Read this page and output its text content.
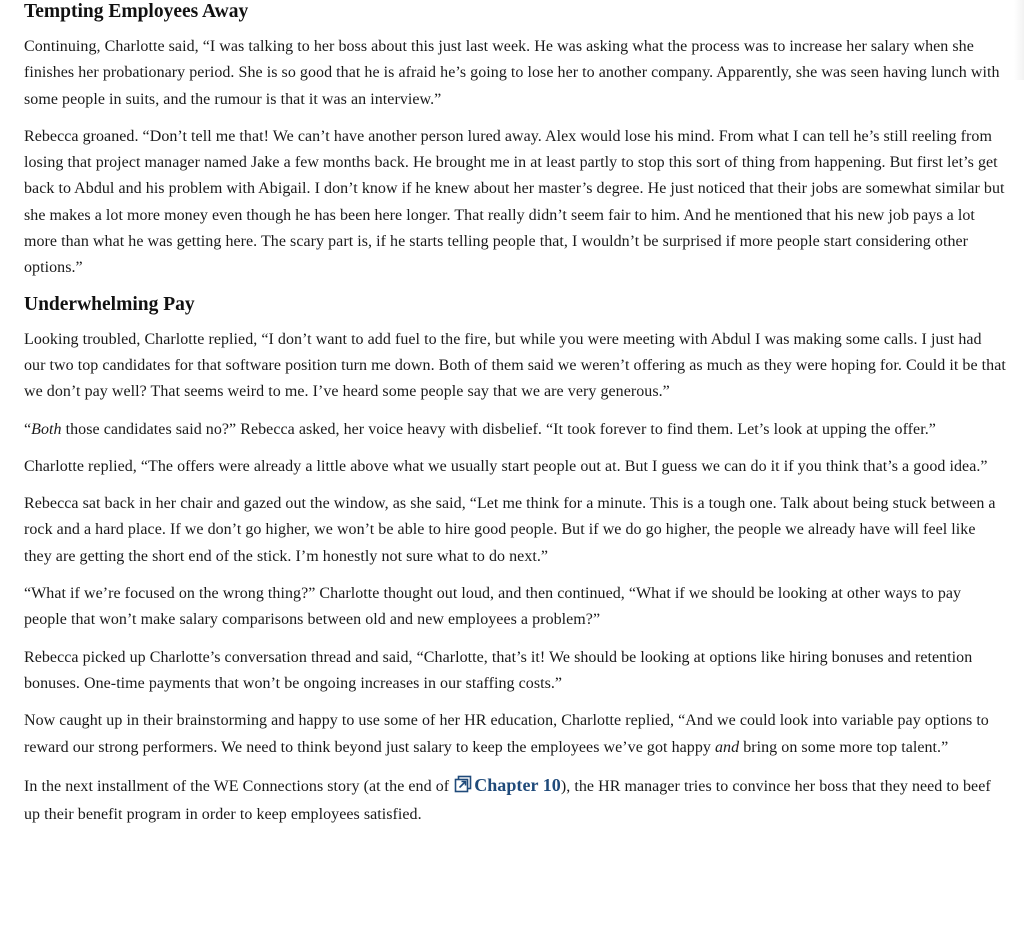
Tempting Employees Away

Continuing, Charlotte said, “I was talking to her boss about this just last week. He was asking what the process was to increase her salary when she finishes her probationary period. She is so good that he is afraid he’s going to lose her to another company. Apparently, she was seen having lunch with some people in suits, and the rumour is that it was an interview.”

Rebecca groaned. “Don’t tell me that! We can’t have another person lured away. Alex would lose his mind. From what I can tell he’s still reeling from losing that project manager named Jake a few months back. He brought me in at least partly to stop this sort of thing from happening. But first let’s get back to Abdul and his problem with Abigail. I don’t know if he knew about her master’s degree. He just noticed that their jobs are somewhat similar but she makes a lot more money even though he has been here longer. That really didn’t seem fair to him. And he mentioned that his new job pays a lot more than what he was getting here. The scary part is, if he starts telling people that, I wouldn’t be surprised if more people start considering other options.”

Underwhelming Pay

Looking troubled, Charlotte replied, “I don’t want to add fuel to the fire, but while you were meeting with Abdul I was making some calls. I just had our two top candidates for that software position turn me down. Both of them said we weren’t offering as much as they were hoping for. Could it be that we don’t pay well? That seems weird to me. I’ve heard some people say that we are very generous.”

“Both those candidates said no?” Rebecca asked, her voice heavy with disbelief. “It took forever to find them. Let’s look at upping the offer.”

Charlotte replied, “The offers were already a little above what we usually start people out at. But I guess we can do it if you think that’s a good idea.”

Rebecca sat back in her chair and gazed out the window, as she said, “Let me think for a minute. This is a tough one. Talk about being stuck between a rock and a hard place. If we don’t go higher, we won’t be able to hire good people. But if we do go higher, the people we already have will feel like they are getting the short end of the stick. I’m honestly not sure what to do next.”

“What if we’re focused on the wrong thing?” Charlotte thought out loud, and then continued, “What if we should be looking at other ways to pay people that won’t make salary comparisons between old and new employees a problem?”

Rebecca picked up Charlotte’s conversation thread and said, “Charlotte, that’s it! We should be looking at options like hiring bonuses and retention bonuses. One-time payments that won’t be ongoing increases in our staffing costs.”

Now caught up in their brainstorming and happy to use some of her HR education, Charlotte replied, “And we could look into variable pay options to reward our strong performers. We need to think beyond just salary to keep the employees we’ve got happy and bring on some more top talent.”

In the next installment of the WE Connections story (at the end of Chapter 10), the HR manager tries to convince her boss that they need to beef up their benefit program in order to keep employees satisfied.
